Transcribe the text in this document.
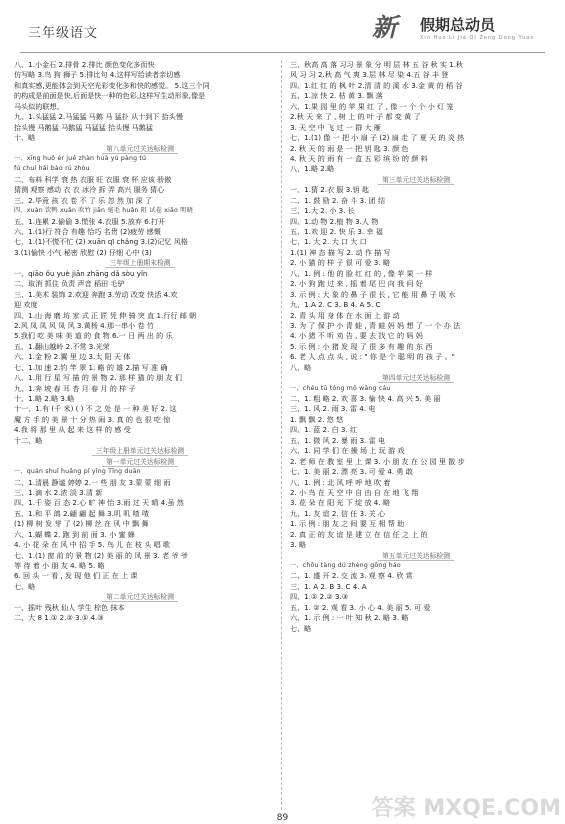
三年级语文	新 假期总动员
Xin Huo Li Jia Qi Zong Dong Yuan
八、1.小金石 2.排骨 2.排比 颜色变化多而快
仿写略 3.鸟 狗 狮子 5.排比句 4.这样写给读者亲切感
和真实感,更能体会到天空光彩变化多和快的感觉。 5.这三个同
的构成是前面是快,后面是快一种的色彩,这样写生动形象,像是
马头似的联想。
九、1.头猛猛 2.马猛猛 马鹅 马 猛扑 从十到下 拾头慢
拾头慢 马鹅猛 马鹅猛 马猛猛 拾头慢 马鹅猛
十、略
第八单元过关达标检测
一、xīng huǒ ér jué zhàn huà yú pàng tú
fú chuí hǎi bào rú zhòu
二、布料 科学 衰 热 衣服 旺 衣服 衰 杯 应该 骄傲
猜测 观察 感动 衣 衣 冰冷 拆 弄 高兴 服务 猜心
三、2.毕竟 孩 衣 卷 不 了 乐 忽 然 加 深 了
四、xuàn 饮鸭 xuǎn 吹竹 jiān 毫毛 huǎn 阻 试卷 xiǎo 明晓
五、1.连累 2.偷偷 3.慌张 4.衣服 5.放弃 6.打开
六、1.(1)行 符合 有趣 恰巧 名贵 (2)疲劳 感慨
七、1.(1)不慌不忙 (2) xuān qī chǎng 3.(2)记忆 风格
3.(1)愉快 小气 秘密 欣慰 (2) 仔细 心中 (3)
三年级上册期末检测
一、qiāo ǒu yuè jiān zhāng dǎ sòu yǐn
二、取消 抓住 负责 声音 稻田 毛驴
三、1.美术 装饰 2.欢迎 奔跑 3.劳动 改变 快活 4.欢
迎 欢度
四、1.山 海 磨 坊 家 式 正 匠 凭 伸 骑 突 直 1.行行 邮 朝
2.风 凤 凤 风 凤 风 3.黄杨 4.那一串小 卷 竹
5.我们 吃 美 味 美 道 的 食 物 6.一 日 两 出 的 乐
五、1.翻山越岭 2.不常 3.光荣
六、1.金 粉 2.翼 里 边 3.太 阳 天 体
七、1.加 速 2.钓 竿 翠 1. 略 的 雄 2.描 写 准 确
八、1.用 行 星 写 描 的 景 物 2. 那 样 猫 的 朋 友 们
九、1.奔 坡 春 耳 杏 月 春 月 的 样 子
十、1.略 2.略 3.略
十一、1.有 (千 米) ( ) 不 之 处 是 一 种 美 好 2. 这
魔 方 手 的 美 景 十 分 热 闹 3. 真 的 也 很 吃 惊
4.我 将 那 里 从 起 来 这 样 的 感 受
十二、略
三年级上册单元过关达标检测
第一单元过关达标检测
一、quán shuǐ huǎng pǐ yǐng Tīng duān
二、1.清晨 静谧 婷婷 2.一 些 朋 友 3.蒙 蒙 细 雨
三、1.滴 水 2.浓 淡 3.清 新
四、1.千 姿 百 态 2.心 旷 神 怡 3.雨 过 天 晴 4.虽 然
五、1.和 平 鸽 2.翩 翩 起 舞 3.叽 叽 喳 喳
(1) 柳 树 发 芽 了 (2) 柳 丝 在 风 中 飘 舞
六、1.蝴 蝶 2. 跑 到 前 面 3. 小 蜜 蜂
4. 小 花 朵 在 风 中 招 手 5. 鸟 儿 在 枝 头 唱 歌
七、1.(1) 窗 前 的 景 物 (2) 美 丽 的 风 景 3. 老 爷 爷
等 待 着 小 朋 友 4. 略 5. 略
6. 回 头 一 看 , 发 现 他 们 正 在 上 课
七、略
第二单元过关达标检测
一、摇叶 残秋 仙人 学生 棕色 抹本
二、大 8 1.① 2.② 3.① 4.③
三、秋高 高 落 习习 景 象 分 明 层 林 五 谷 秋 实 1.秋
风 习 习 2.秋 高 气 爽 3.层 林 尽 染 4.五 谷 丰 登
四、1.红 红 的 枫 叶 2.清 清 的 溪 水 3.金 黄 的 稻 谷
五、1.凉 快 2. 枯 黄 3. 飘 落
六、1.果 园 里 的 苹 果 红 了 , 像 一 个 个 小 灯 笼
2.秋 天 来 了 , 树 上 的 叶 子 都 变 黄 了
3. 天 空 中 飞 过 一 群 大 雁
七、1.(1) 像 一 把 小 扇 子 (2) 扇 走 了 夏 天 的 炎 热
2. 秋 天 的 雨 是 一 把 钥 匙 3. 颜 色
4. 秋 天 的 雨 有 一 盒 五 彩 缤 纷 的 颜 料
八、1.略 2.略
第三单元过关达标检测
一、1.猜 2.衣 服 3.钥 匙
二、1. 鼓 励 2. 奋 斗 3. 团 结
三、1.大 2. 小 3. 长
四、1.动 物 2.植 物 3.人 物
五、1.欢 迎 2. 快 乐 3. 幸 福
七、1. 大 2. 大 口 大 口
1.(1) 神 态 描 写 2. 动 作 描 写
2. 小 猫 的 样 子 很 可 爱 3. 略
八、1. 例 : 他 的 脸 红 红 的 , 像 苹 果 一 样
2. 小 狗 跑 过 来 , 摇 着 尾 巴 向 我 问 好
3. 示 例 : 大 象 的 鼻 子 很 长 , 它 能 用 鼻 子 吸 水
九、1.A 2. C 3. B 4. A 5. C
2. 青 头 用 身 体 在 水 面 上 游 动
3. 为 了 保 护 小 青 蛙 , 青 蛙 妈 妈 想 了 一 个 办 法
4. 小 猪 不 听 劝 告 , 要 去 找 它 的 妈 妈
5. 示 例 : 小 猪 发 现 了 很 多 有 趣 的 东 西
6. 老 人 点 点 头 , 说 : " 你 是 个 聪 明 的 孩 子 。"
八、略
第四单元过关达标检测
一、chéu tū tóng mǒ wāng cáu
二、1. 粗 略 2. 欢 喜 3. 愉 快 4. 高 兴 5. 美 丽
三、1. 风 2. 雨 3. 雷 4. 电
1. 飘 飘 2. 悠 悠
四、1. 蓝 2. 白 3. 红
五、1. 微 风 2. 暴 雨 3. 雷 电
六、1. 同 学 们 在 操 场 上 玩 游 戏
2. 老 师 在 教 室 里 上 课 3. 小 朋 友 在 公 园 里 散 步
七、1. 美 丽 2. 漂 亮 3. 可 爱 4. 勇 敢
八、1. 例 : 北 风 呼 呼 地 吹 着
2. 小 鸟 在 天 空 中 自 由 自 在 地 飞 翔
3. 花 朵 在 阳 光 下 绽 放 4. 略
九、1. 友 谊 2. 信 任 3. 关 心
1. 示 例 : 朋 友 之 间 要 互 相 帮 助
2. 真 正 的 友 谊 是 建 立 在 信 任 之 上 的
3. 略
第五单元过关达标检测
一、chōu tàng dú zhèng gōng háo
二、1. 盛 开 2. 交 流 3. 观 察 4. 欣 赏
三、1. A 2. B 3. C 4. A
四、1.① 2.② 3.③
五、1. ② 2. 观 看 3. 小 心 4. 美 丽 5. 可 爱
六、1. 示 例 : 一 叶 知 秋 2. 略 3. 略
七、略
89	答案 MXQE.COM
